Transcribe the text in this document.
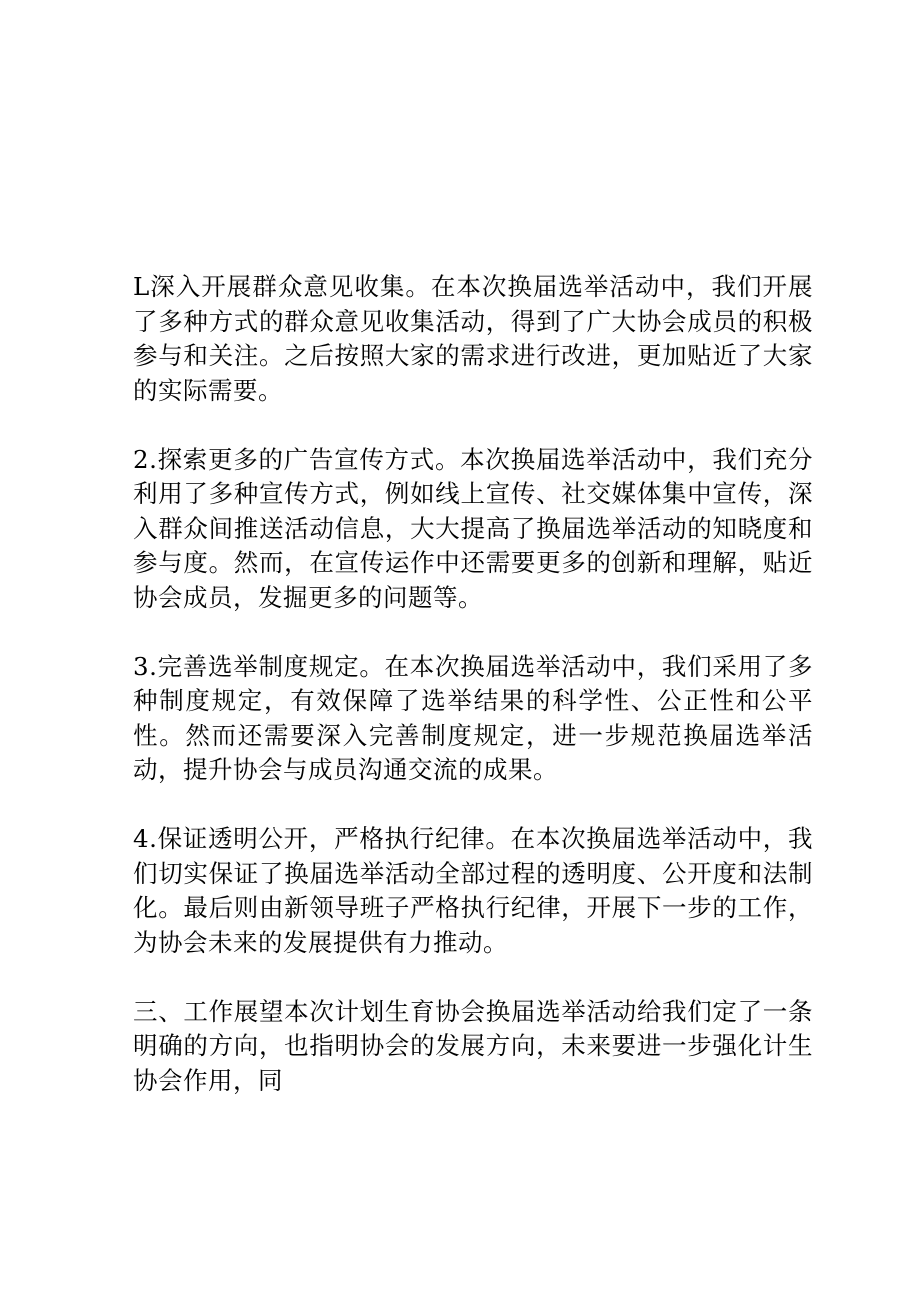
L深入开展群众意见收集。在本次换届选举活动中，我们开展了多种方式的群众意见收集活动，得到了广大协会成员的积极参与和关注。之后按照大家的需求进行改进，更加贴近了大家的实际需要。

2.探索更多的广告宣传方式。本次换届选举活动中，我们充分利用了多种宣传方式，例如线上宣传、社交媒体集中宣传，深入群众间推送活动信息，大大提高了换届选举活动的知晓度和参与度。然而，在宣传运作中还需要更多的创新和理解，贴近协会成员，发掘更多的问题等。

3.完善选举制度规定。在本次换届选举活动中，我们采用了多种制度规定，有效保障了选举结果的科学性、公正性和公平性。然而还需要深入完善制度规定，进一步规范换届选举活动，提升协会与成员沟通交流的成果。

4.保证透明公开，严格执行纪律。在本次换届选举活动中，我们切实保证了换届选举活动全部过程的透明度、公开度和法制化。最后则由新领导班子严格执行纪律，开展下一步的工作，为协会未来的发展提供有力推动。

三、工作展望本次计划生育协会换届选举活动给我们定了一条明确的方向，也指明协会的发展方向，未来要进一步强化计生协会作用，同
